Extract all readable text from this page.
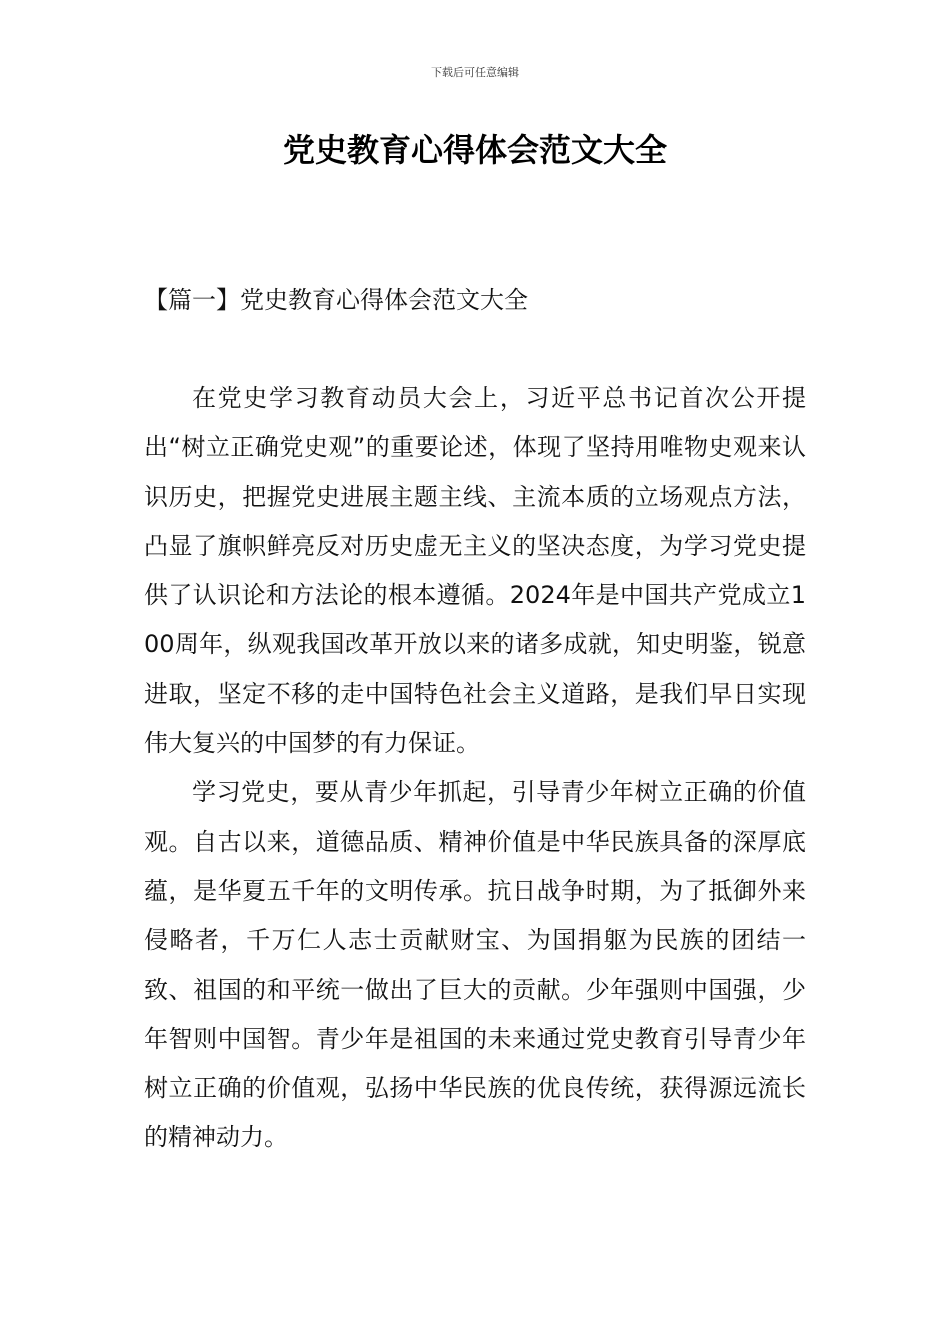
下载后可任意编辑
党史教育心得体会范文大全
【篇一】党史教育心得体会范文大全

在党史学习教育动员大会上，习近平总书记首次公开提出“树立正确党史观”的重要论述，体现了坚持用唯物史观来认识历史，把握党史进展主题主线、主流本质的立场观点方法，凸显了旗帜鲜亮反对历史虚无主义的坚决态度，为学习党史提供了认识论和方法论的根本遵循。2024年是中国共产党成立100周年，纵观我国改革开放以来的诸多成就，知史明鉴，锐意进取，坚定不移的走中国特色社会主义道路，是我们早日实现伟大复兴的中国梦的有力保证。

学习党史，要从青少年抓起，引导青少年树立正确的价值观。自古以来，道德品质、精神价值是中华民族具备的深厚底蕴，是华夏五千年的文明传承。抗日战争时期，为了抵御外来侵略者，千万仁人志士贡献财宝、为国捐躯为民族的团结一致、祖国的和平统一做出了巨大的贡献。少年强则中国强，少年智则中国智。青少年是祖国的未来通过党史教育引导青少年树立正确的价值观，弘扬中华民族的优良传统，获得源远流长的精神动力。
